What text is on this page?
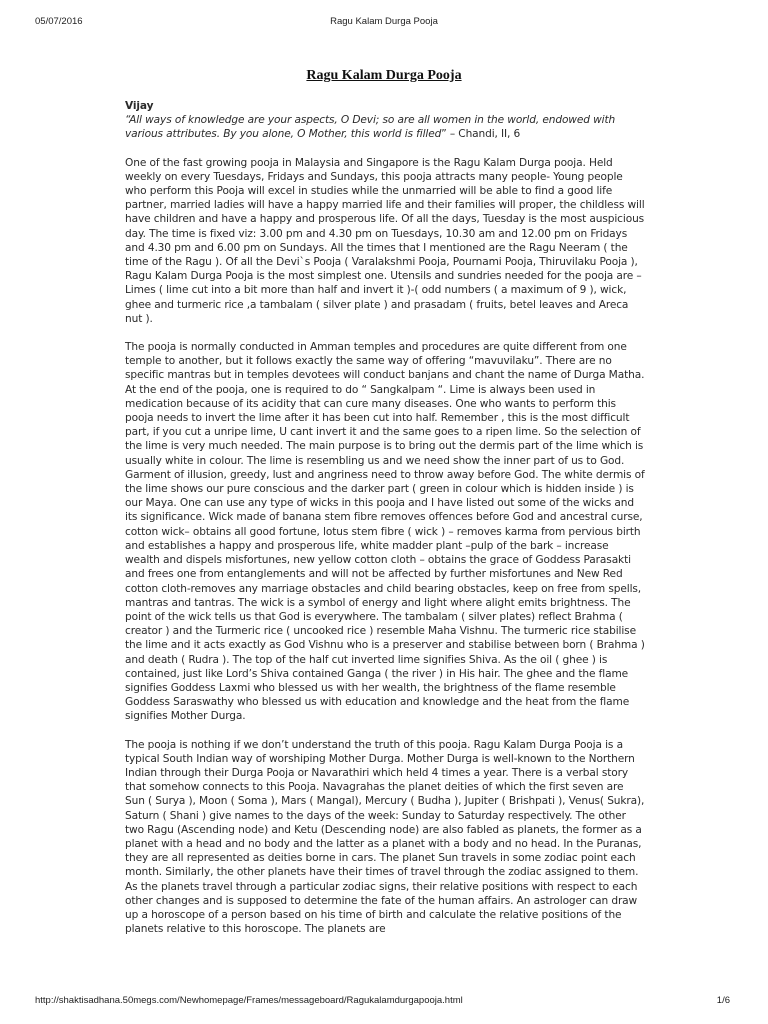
05/07/2016	Ragu Kalam Durga Pooja
Ragu Kalam Durga Pooja
Vijay

“All ways of knowledge are your aspects, O Devi; so are all women in the world, endowed with various attributes. By you alone, O Mother, this world is filled” – Chandi, II, 6

One of the fast growing pooja in Malaysia and Singapore is the Ragu Kalam Durga pooja. Held weekly on every Tuesdays, Fridays and Sundays, this pooja attracts many people- Young people who perform this Pooja will excel in studies while the unmarried will be able to find a good life partner, married ladies will have a happy married life and their families will proper, the childless will have children and have a happy and prosperous life. Of all the days, Tuesday is the most auspicious day. The time is fixed viz: 3.00 pm and 4.30 pm on Tuesdays, 10.30 am and 12.00 pm on Fridays and 4.30 pm and 6.00 pm on Sundays. All the times that I mentioned are the Ragu Neeram ( the time of the Ragu ). Of all the Devi`s Pooja ( Varalakshmi Pooja, Pournami Pooja, Thiruvilaku Pooja ), Ragu Kalam Durga Pooja is the most simplest one. Utensils and sundries needed for the pooja are – Limes ( lime cut into a bit more than half and invert it )-( odd numbers ( a maximum of 9 ), wick, ghee and turmeric rice ,a tambalam ( silver plate ) and prasadam ( fruits, betel leaves and Areca nut ).

The pooja is normally conducted in Amman temples and procedures are quite different from one temple to another, but it follows exactly the same way of offering “mavuvilaku”. There are no specific mantras but in temples devotees will conduct banjans and chant the name of Durga Matha. At the end of the pooja, one is required to do “ Sangkalpam “. Lime is always been used in medication because of its acidity that can cure many diseases. One who wants to perform this pooja needs to invert the lime after it has been cut into half. Remember , this is the most difficult part, if you cut a unripe lime, U cant invert it and the same goes to a ripen lime. So the selection of the lime is very much needed. The main purpose is to bring out the dermis part of the lime which is usually white in colour. The lime is resembling us and we need show the inner part of us to God. Garment of illusion, greedy, lust and angriness need to throw away before God. The white dermis of the lime shows our pure conscious and the darker part ( green in colour which is hidden inside ) is our Maya. One can use any type of wicks in this pooja and I have listed out some of the wicks and its significance. Wick made of banana stem fibre removes offences before God and ancestral curse, cotton wick– obtains all good fortune, lotus stem fibre ( wick ) – removes karma from pervious birth and establishes a happy and prosperous life, white madder plant –pulp of the bark – increase wealth and dispels misfortunes, new yellow cotton cloth – obtains the grace of Goddess Parasakti and frees one from entanglements and will not be affected by further misfortunes and New Red cotton cloth-removes any marriage obstacles and child bearing obstacles, keep on free from spells, mantras and tantras. The wick is a symbol of energy and light where alight emits brightness. The point of the wick tells us that God is everywhere. The tambalam ( silver plates) reflect Brahma ( creator ) and the Turmeric rice ( uncooked rice ) resemble Maha Vishnu. The turmeric rice stabilise the lime and it acts exactly as God Vishnu who is a preserver and stabilise between born ( Brahma ) and death ( Rudra ). The top of the half cut inverted lime signifies Shiva. As the oil ( ghee ) is contained, just like Lord’s Shiva contained Ganga ( the river ) in His hair. The ghee and the flame signifies Goddess Laxmi who blessed us with her wealth, the brightness of the flame resemble Goddess Saraswathy who blessed us with education and knowledge and the heat from the flame signifies Mother Durga.

The pooja is nothing if we don’t understand the truth of this pooja. Ragu Kalam Durga Pooja is a typical South Indian way of worshiping Mother Durga. Mother Durga is well-known to the Northern Indian through their Durga Pooja or Navarathiri which held 4 times a year. There is a verbal story that somehow connects to this Pooja. Navagrahas the planet deities of which the first seven are Sun ( Surya ), Moon ( Soma ), Mars ( Mangal), Mercury ( Budha ), Jupiter ( Brishpati ), Venus( Sukra), Saturn ( Shani ) give names to the days of the week: Sunday to Saturday respectively. The other two Ragu (Ascending node) and Ketu (Descending node) are also fabled as planets, the former as a planet with a head and no body and the latter as a planet with a body and no head. In the Puranas, they are all represented as deities borne in cars. The planet Sun travels in some zodiac point each month. Similarly, the other planets have their times of travel through the zodiac assigned to them. As the planets travel through a particular zodiac signs, their relative positions with respect to each other changes and is supposed to determine the fate of the human affairs. An astrologer can draw up a horoscope of a person based on his time of birth and calculate the relative positions of the planets relative to this horoscope. The planets are

http://shaktisadhana.50megs.com/Newhomepage/Frames/messageboard/Ragukalamdurgapooja.html	1/6
